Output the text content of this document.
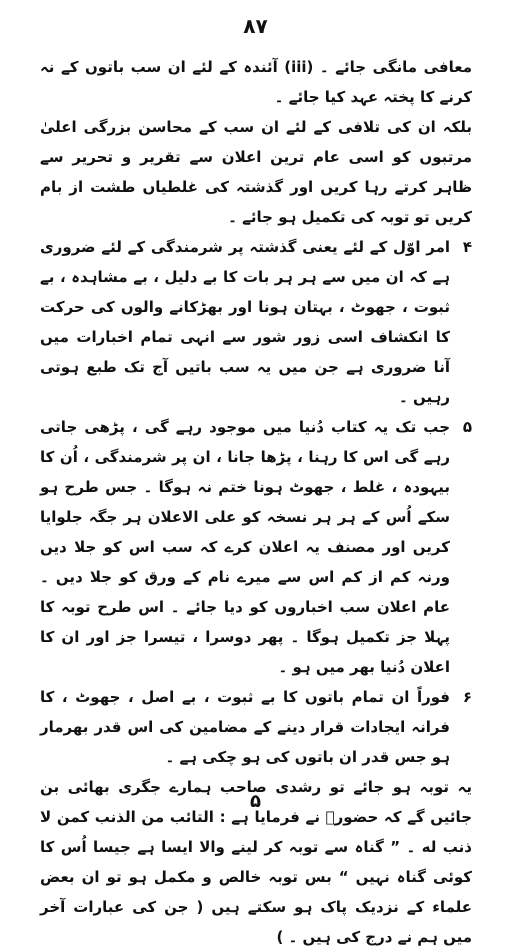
۸۷

معافی مانگی جائے ۔ (iii) آئندہ کے لئے ان سب باتوں کے نہ کرنے کا پختہ عہد کیا جائے ۔

بلکہ ان کی تلافی کے لئے ان سب کے محاسن بزرگی اعلیٰ مرتبوں کو اسی عام ترین اعلان سے تقریر و تحریر سے ظاہر کرتے رہا کریں اور گذشتہ کی غلطیاں طشت از بام کریں تو توبہ کی تکمیل ہو جائے ۔

۴
امر اوّل کے لئے یعنی گذشتہ پر شرمندگی کے لئے ضروری ہے کہ ان میں سے ہر ہر بات کا بے دلیل ، بے مشاہدہ ، بے ثبوت ، جھوٹ ، بہتان ہونا اور بھڑکانے والوں کی حرکت کا انکشاف اسی زور شور سے انہی تمام اخبارات میں آنا ضروری ہے جن میں یہ سب باتیں آج تک طبع ہوتی رہیں ۔
۵
جب تک یہ کتاب دُنیا میں موجود رہے گی ، پڑھی جاتی رہے گی اس کا رہنا ، پڑھا جانا ، ان پر شرمندگی ، اُن کا بیہودہ ، غلط ، جھوٹ ہونا ختم نہ ہوگا ۔ جس طرح ہو سکے اُس کے ہر ہر نسخہ کو علی الاعلان ہر جگہ جلوایا کریں اور مصنف یہ اعلان کرے کہ سب اس کو جلا دیں ورنہ کم از کم اس سے میرے نام کے ورق کو جلا دیں ۔ عام اعلان سب اخباروں کو دیا جائے ۔ اس طرح توبہ کا پہلا جز تکمیل ہوگا ۔ پھر دوسرا ، تیسرا جز اور ان کا اعلان دُنیا بھر میں ہو ۔
۶
فوراً ان تمام باتوں کا بے ثبوت ، بے اصل ، جھوٹ ، کا فرانہ ایجادات قرار دینے کے مضامین کی اس قدر بھرمار ہو جس قدر ان باتوں کی ہو چکی ہے ۔

یہ توبہ ہو جائے تو رشدی صاحب ہمارے جگری بھائی بن جائیں گے کہ حضورؐ نے فرمایا ہے : التائب من الذنب کمن لا ذنب له ۔ ” گناہ سے توبہ کر لینے والا ایسا ہے جیسا اُس کا کوئی گناہ نہیں “ بس توبہ خالص و مکمل ہو تو ان بعض علماء کے نزدیک پاک ہو سکتے ہیں ( جن کی عبارات آخر میں ہم نے درج کی ہیں ۔ )

۵
